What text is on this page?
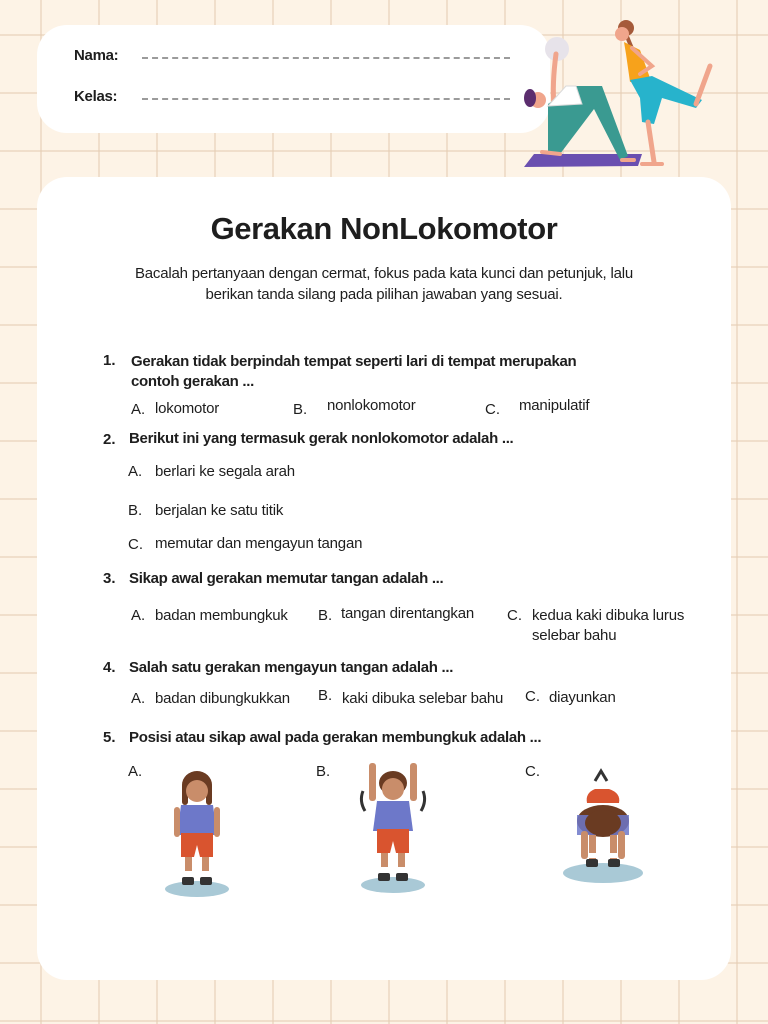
Nama:
Kelas:
Gerakan NonLokomotor

Bacalah pertanyaan dengan cermat, fokus pada kata kunci dan petunjuk, lalu berikan tanda silang pada pilihan jawaban yang sesuai.

1. Gerakan tidak berpindah tempat seperti lari di tempat merupakan contoh gerakan ...
A. lokomotor	B. nonlokomotor	C. manipulatif
2. Berikut ini yang termasuk gerak nonlokomotor adalah ...
A. berlari ke segala arah
B. berjalan ke satu titik
C. memutar dan mengayun tangan
3. Sikap awal gerakan memutar tangan adalah ...
A. badan membungkuk B. tangan direntangkan C. kedua kaki dibuka lurus selebar bahu
4. Salah satu gerakan mengayun tangan adalah ...
A. badan dibungkukkan B. kaki dibuka selebar bahu C. diayunkan
5. Posisi atau sikap awal pada gerakan membungkuk adalah ...
A.	B.	C.
